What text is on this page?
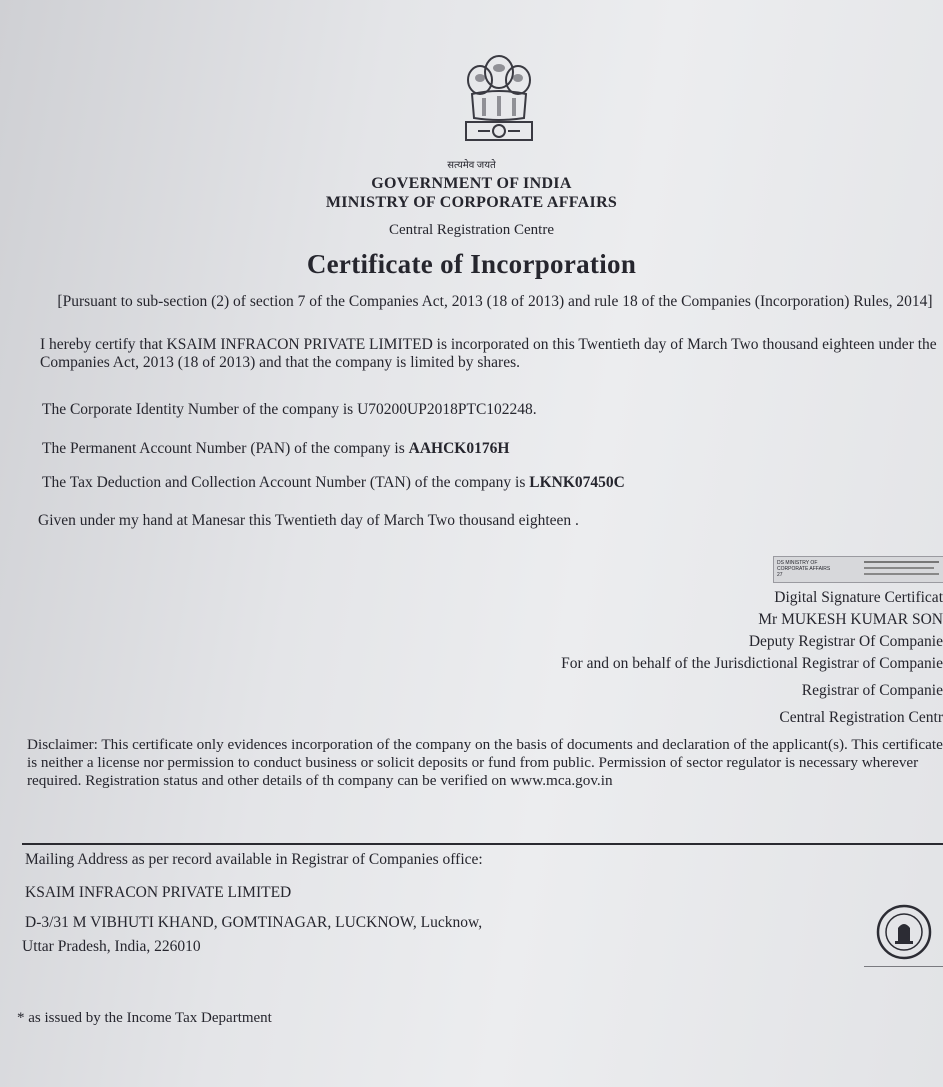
सत्यमेव जयते
GOVERNMENT OF INDIA
MINISTRY OF CORPORATE AFFAIRS
Central Registration Centre
Certificate of Incorporation
[Pursuant to sub-section (2) of section 7 of the Companies Act, 2013 (18 of 2013) and rule 18 of the Companies (Incorporation) Rules, 2014]
I hereby certify that KSAIM INFRACON PRIVATE LIMITED is incorporated on this Twentieth day of March Two thousand eighteen under the Companies Act, 2013 (18 of 2013) and that the company is limited by shares.
The Corporate Identity Number of the company is U70200UP2018PTC102248.
The Permanent Account Number (PAN) of the company is AAHCK0176H
The Tax Deduction and Collection Account Number (TAN) of the company is LKNK07450C
Given under my hand at Manesar this Twentieth day of March Two thousand eighteen .
DS MINISTRY OF CORPORATE AFFAIRS 27
Digital Signature Certificat
Mr MUKESH KUMAR SON
Deputy Registrar Of Companie
For and on behalf of the Jurisdictional Registrar of Companie
Registrar of Companie
Central Registration Centr
Disclaimer: This certificate only evidences incorporation of the company on the basis of documents and declaration of the applicant(s). This certificate is neither a license nor permission to conduct business or solicit deposits or fund from public. Permission of sector regulator is necessary wherever required. Registration status and other details of th company can be verified on www.mca.gov.in
Mailing Address as per record available in Registrar of Companies office:
KSAIM INFRACON PRIVATE LIMITED
D-3/31 M VIBHUTI KHAND, GOMTINAGAR, LUCKNOW, Lucknow,
Uttar Pradesh, India, 226010
* as issued by the Income Tax Department
